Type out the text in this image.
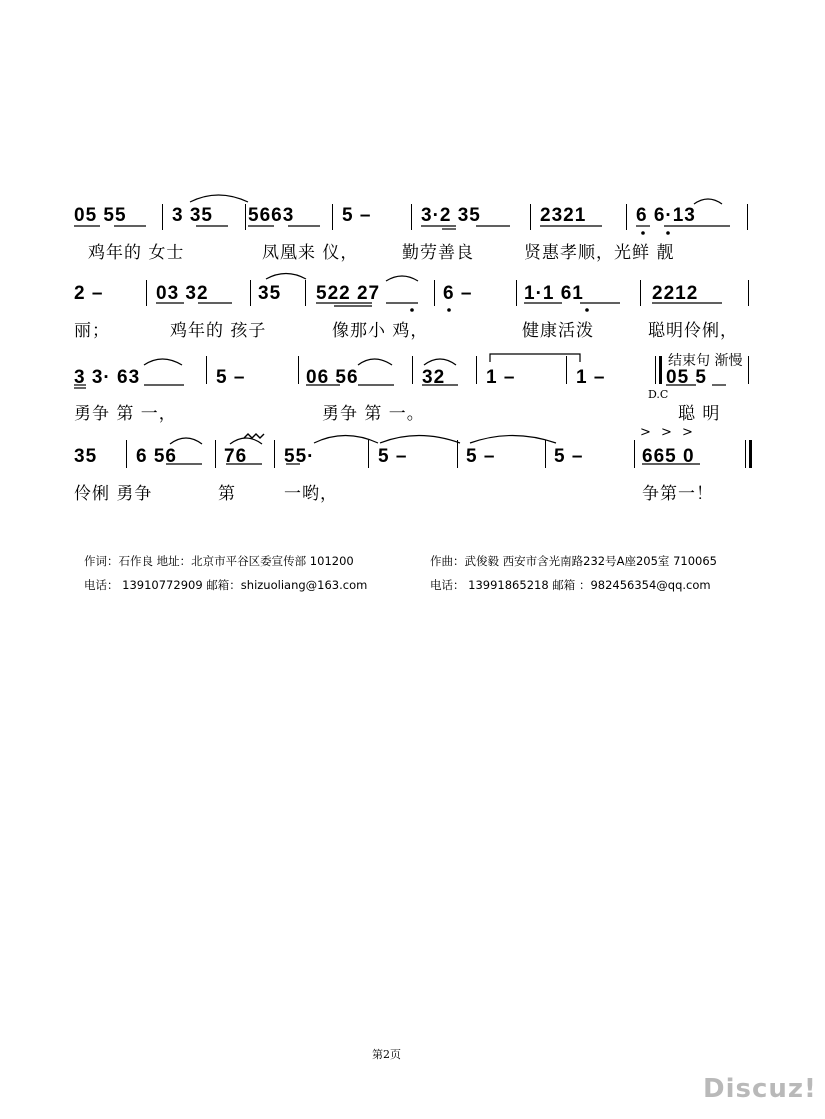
05 55 3 35 5663	5 –	3·2 35	2321	6 6·13
鸡年的 女士	凤凰来 仪，	勤劳善良	贤惠孝顺，光鲜 靓
2 –	03 32	35 522 27	6 –	1·1 61	2212
丽；	鸡年的 孩子	像那小 鸡，	健康活泼	聪明伶俐，
结束句 渐慢
D.C
3 3· 63	5 –	06 56	32 1 –	1 –	05 5
勇争 第 一，	勇争 第 一。	聪 明
> > >
35 6 56 76 55·	5 –	5 –	5 –	665 0
伶俐 勇争	第	一哟，	争第一！
作词：石作良 地址：北京市平谷区委宣传部 101200
电话： 13910772909 邮箱：shizuoliang@163.com
作曲：武俊毅 西安市含光南路232号A座205室 710065
电话： 13991865218 邮箱 ：982456354@qq.com
第2页
Discuz!
